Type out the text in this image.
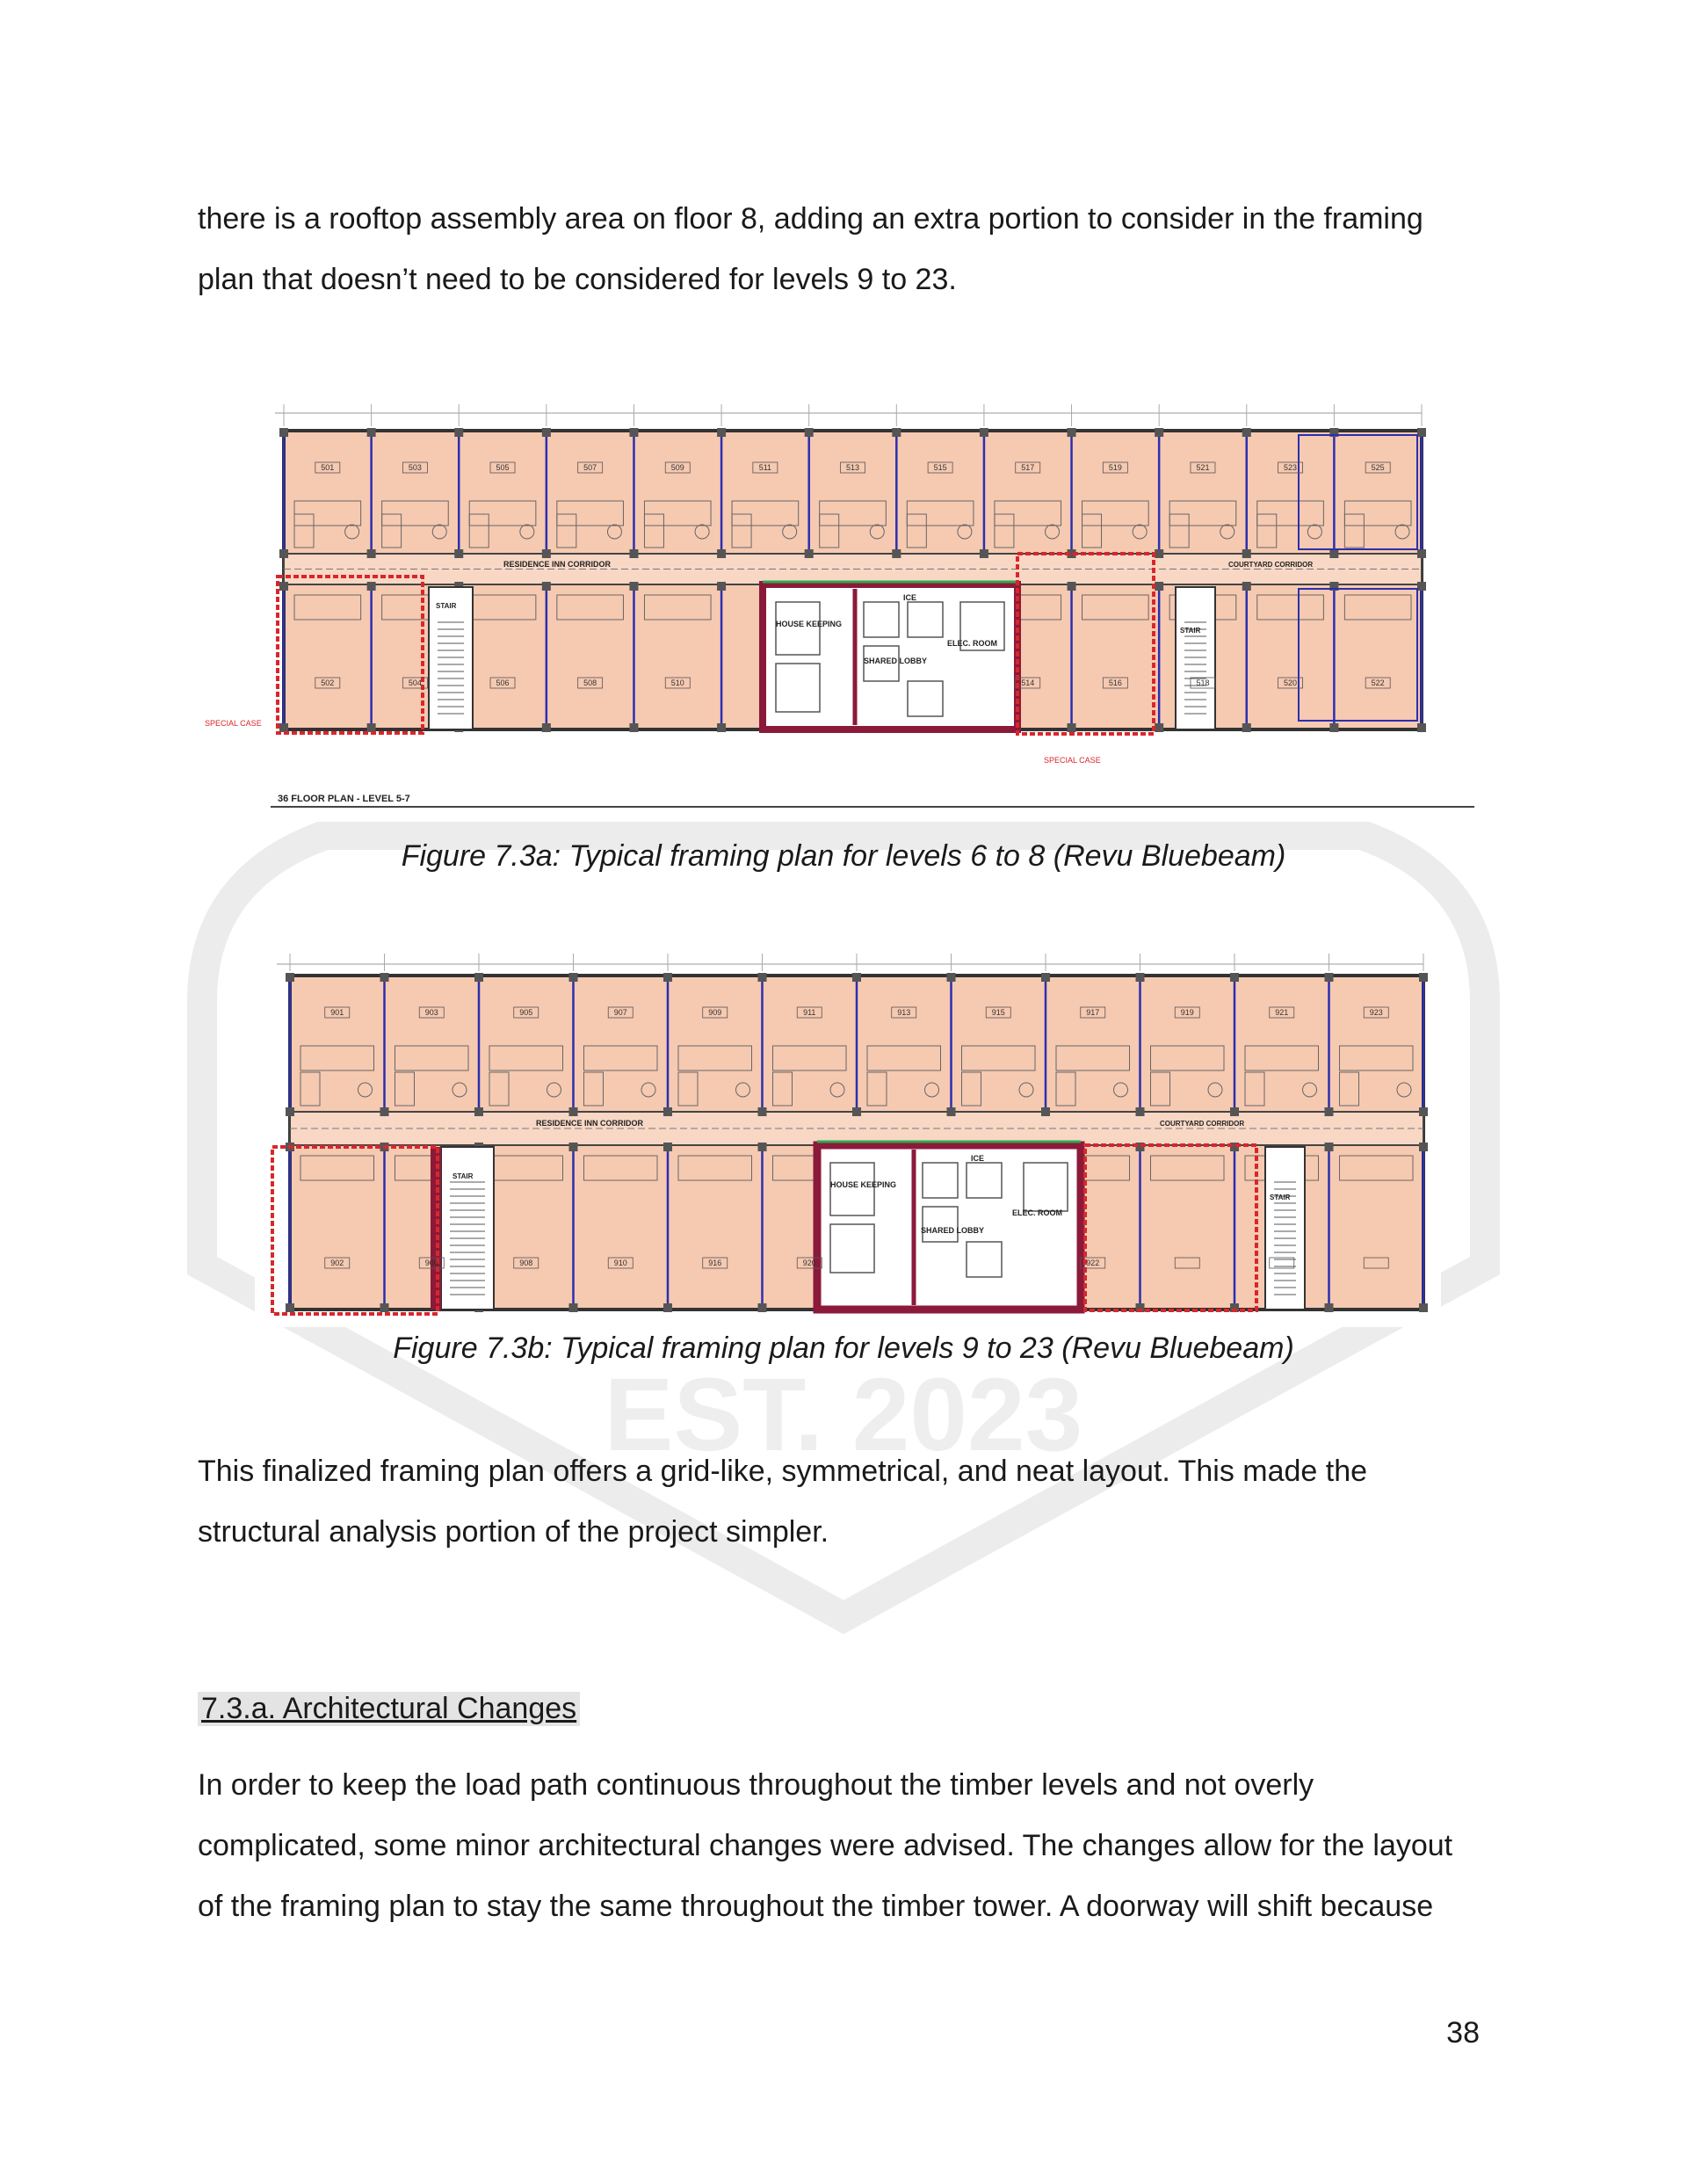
EST. 2023

there is a rooftop assembly area on floor 8, adding an extra portion to consider in the framing

plan that doesn’t need to be considered for levels 9 to 23.

501	503	505	507	509	511	513	515	517	519	521	523	525
502	504	506	508	510	514	516	518	520	522
SPECIAL CASE
SPECIAL CASE
RESIDENCE INN CORRIDOR
HOUSE KEEPING
SHARED LOBBY
ELEC. ROOM
ICE
STAIR
STAIR
COURTYARD CORRIDOR
36 FLOOR PLAN - LEVEL 5-7

Figure 7.3a: Typical framing plan for levels 6 to 8 (Revu Bluebeam)

901	903	905	907	909	911	913	915	917	919	921	923
902	906	908	910	916	920	922
RESIDENCE INN CORRIDOR
HOUSE KEEPING
SHARED LOBBY
ELEC. ROOM
ICE
STAIR
STAIR
COURTYARD CORRIDOR

Figure 7.3b: Typical framing plan for levels 9 to 23 (Revu Bluebeam)

This finalized framing plan offers a grid-like, symmetrical, and neat layout. This made the

structural analysis portion of the project simpler.

7.3.a. Architectural Changes

In order to keep the load path continuous throughout the timber levels and not overly

complicated, some minor architectural changes were advised. The changes allow for the layout

of the framing plan to stay the same throughout the timber tower. A doorway will shift because

38
